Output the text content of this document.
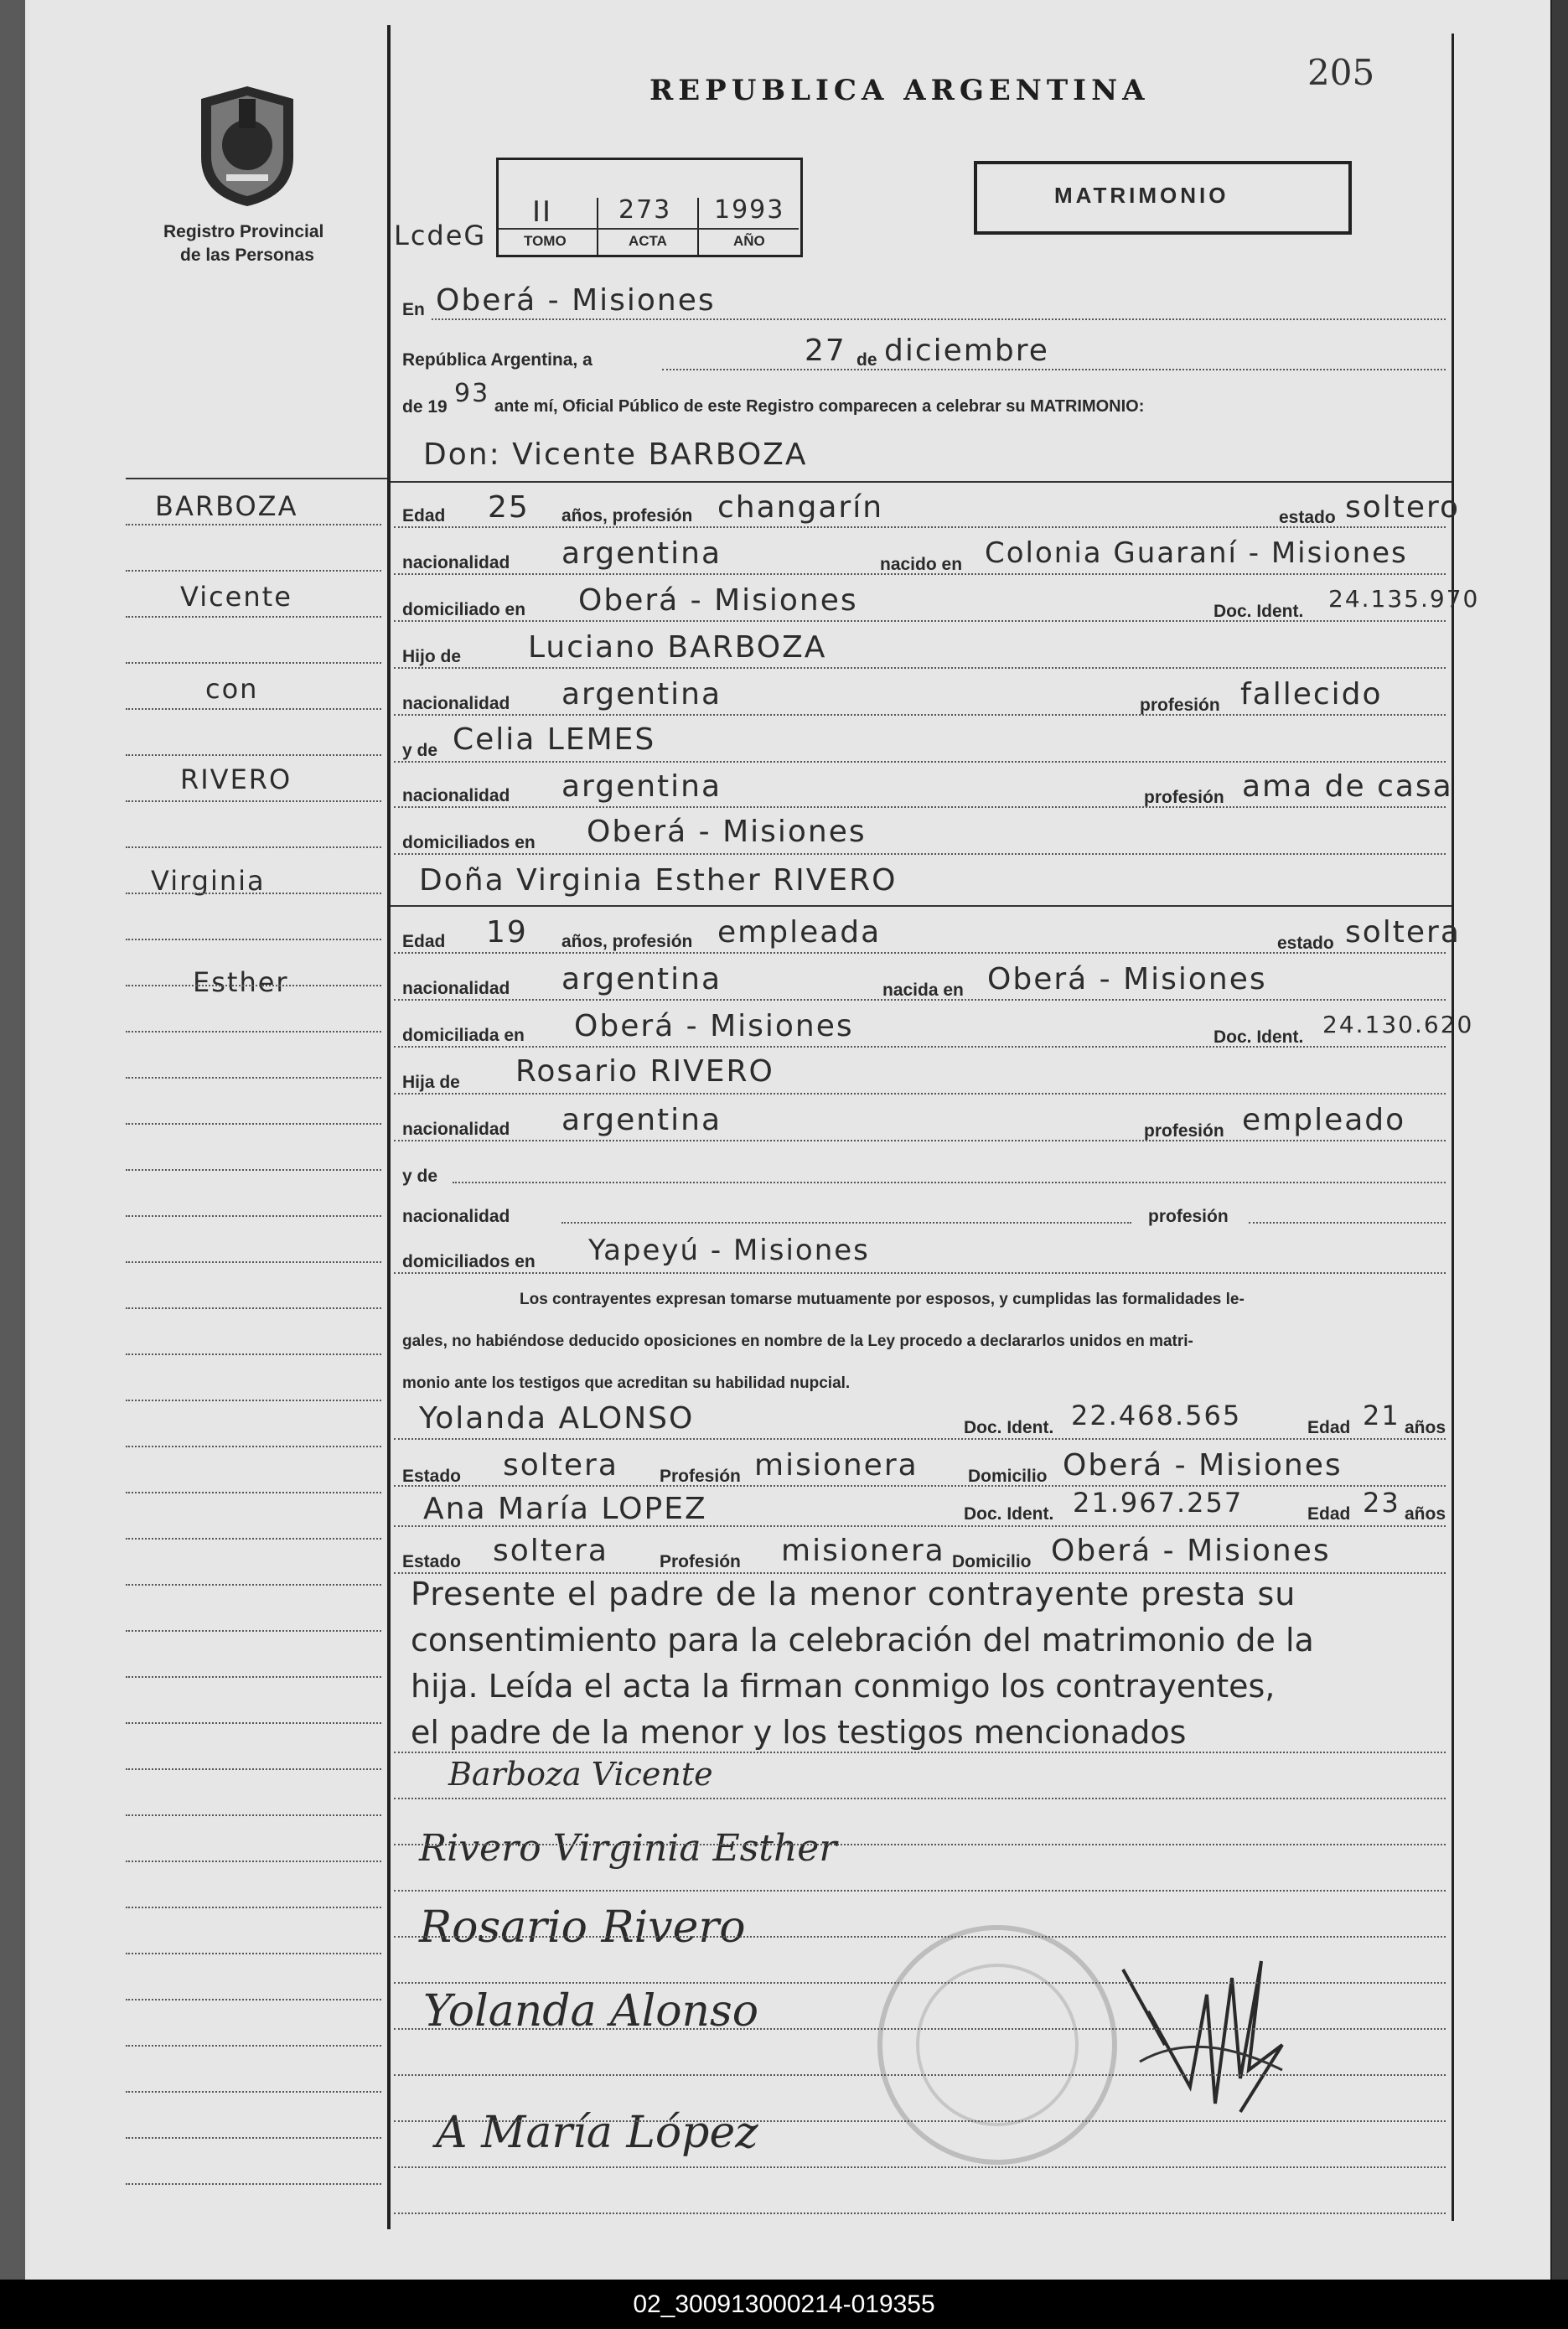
REPUBLICA ARGENTINA	205
Registro Provincial
de las Personas
LcdeG
II	273 1993
TOMO	ACTA	AÑO
MATRIMONIO
BARBOZA
Vicente
con
RIVERO
Virginia
Esther
En Oberá - Misiones
República Argentina, a	27 de diciembre
de 19 93 ante mí, Oficial Público de este Registro comparecen a celebrar su MATRIMONIO:
Don: Vicente BARBOZA
Edad 25 años, profesión changarín	estado soltero
nacionalidad argentina	nacido en Colonia Guaraní - Misiones
domiciliado en Oberá - Misiones	Doc. Ident. 24.135.970
Hijo de Luciano BARBOZA
nacionalidad argentina	profesión fallecido
y de Celia LEMES
nacionalidad argentina	profesión ama de casa
domiciliados en Oberá - Misiones
Doña Virginia Esther RIVERO
Edad 19 años, profesión empleada	estado soltera
nacionalidad argentina	nacida en Oberá - Misiones
domiciliada en Oberá - Misiones	Doc. Ident. 24.130.620
Hija de Rosario RIVERO
nacionalidad argentina	profesión empleado
y de
nacionalidad	profesión
domiciliados en Yapeyú - Misiones
Los contrayentes expresan tomarse mutuamente por esposos, y cumplidas las formalidades le-
gales, no habiéndose deducido oposiciones en nombre de la Ley procedo a declararlos unidos en matri-
monio ante los testigos que acreditan su habilidad nupcial.
Yolanda ALONSO	Doc. Ident. 22.468.565	Edad 21 años
Estado soltera Profesión misionera	Domicilio Oberá - Misiones
Ana María LOPEZ	Doc. Ident. 21.967.257	Edad 23 años
Estado soltera	Profesión misionera Domicilio Oberá - Misiones
Presente el padre de la menor contrayente presta su
consentimiento para la celebración del matrimonio de la
hija. Leída el acta la firman conmigo los contrayentes,
el padre de la menor y los testigos mencionados
Barboza Vicente
Rivero Virginia Esther
Rosario Rivero
Yolanda Alonso
A María López
02_300913000214-019355
